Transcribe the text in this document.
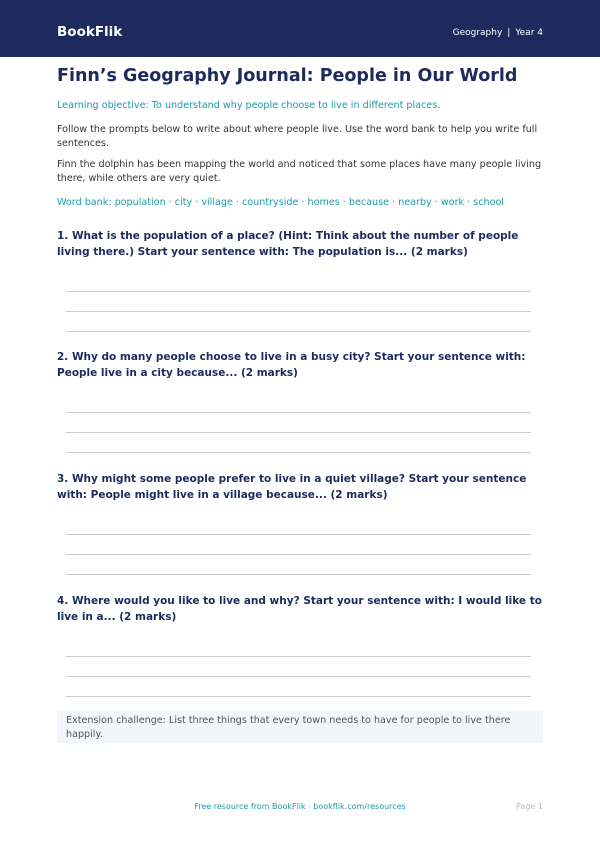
BookFlik	Geography | Year 4
Finn’s Geography Journal: People in Our World
Learning objective: To understand why people choose to live in different places.
Follow the prompts below to write about where people live. Use the word bank to help you write full sentences.
Finn the dolphin has been mapping the world and noticed that some places have many people living there, while others are very quiet.
Word bank: population · city · village · countryside · homes · because · nearby · work · school
1. What is the population of a place? (Hint: Think about the number of people living there.) Start your sentence with: The population is... (2 marks)
2. Why do many people choose to live in a busy city? Start your sentence with: People live in a city because... (2 marks)
3. Why might some people prefer to live in a quiet village? Start your sentence with: People might live in a village because... (2 marks)
4. Where would you like to live and why? Start your sentence with: I would like to live in a... (2 marks)
Extension challenge: List three things that every town needs to have for people to live there happily.
Free resource from BookFlik · bookflik.com/resources	Page 1
